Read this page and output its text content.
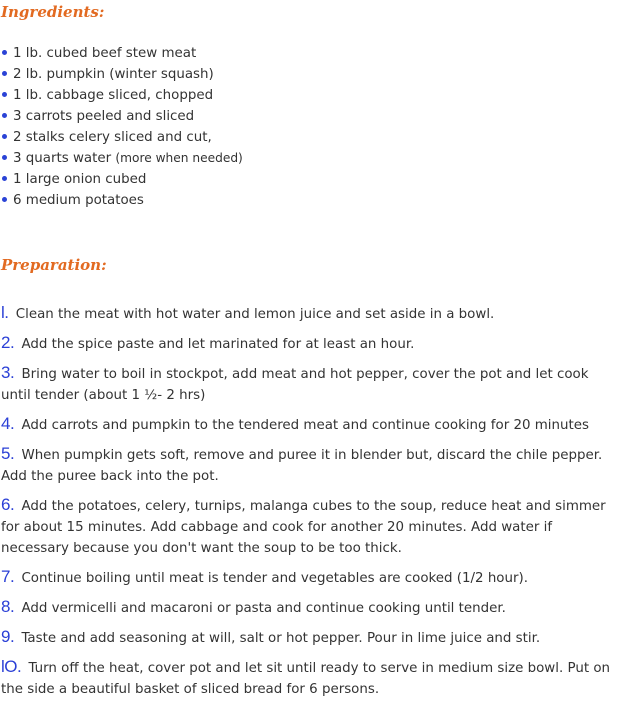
Ingredients:
1 lb. cubed beef stew meat
2 lb. pumpkin (winter squash)
1 lb. cabbage sliced, chopped
3 carrots peeled and sliced
2 stalks celery sliced and cut,
3 quarts water (more when needed)
1 large onion cubed
6 medium potatoes
Preparation:
l. Clean the meat with hot water and lemon juice and set aside in a bowl.
2. Add the spice paste and let marinated for at least an hour.
3. Bring water to boil in stockpot, add meat and hot pepper, cover the pot and let cook until tender (about 1 ½- 2 hrs)
4. Add carrots and pumpkin to the tendered meat and continue cooking for 20 minutes
5. When pumpkin gets soft, remove and puree it in blender but, discard the chile pepper. Add the puree back into the pot.
6. Add the potatoes, celery, turnips, malanga cubes to the soup, reduce heat and simmer for about 15 minutes. Add cabbage and cook for another 20 minutes. Add water if necessary because you don't want the soup to be too thick.
7. Continue boiling until meat is tender and vegetables are cooked (1/2 hour).
8. Add vermicelli and macaroni or pasta and continue cooking until tender.
9. Taste and add seasoning at will, salt or hot pepper. Pour in lime juice and stir.
lO. Turn off the heat, cover pot and let sit until ready to serve in medium size bowl. Put on the side a beautiful basket of sliced bread for 6 persons.
